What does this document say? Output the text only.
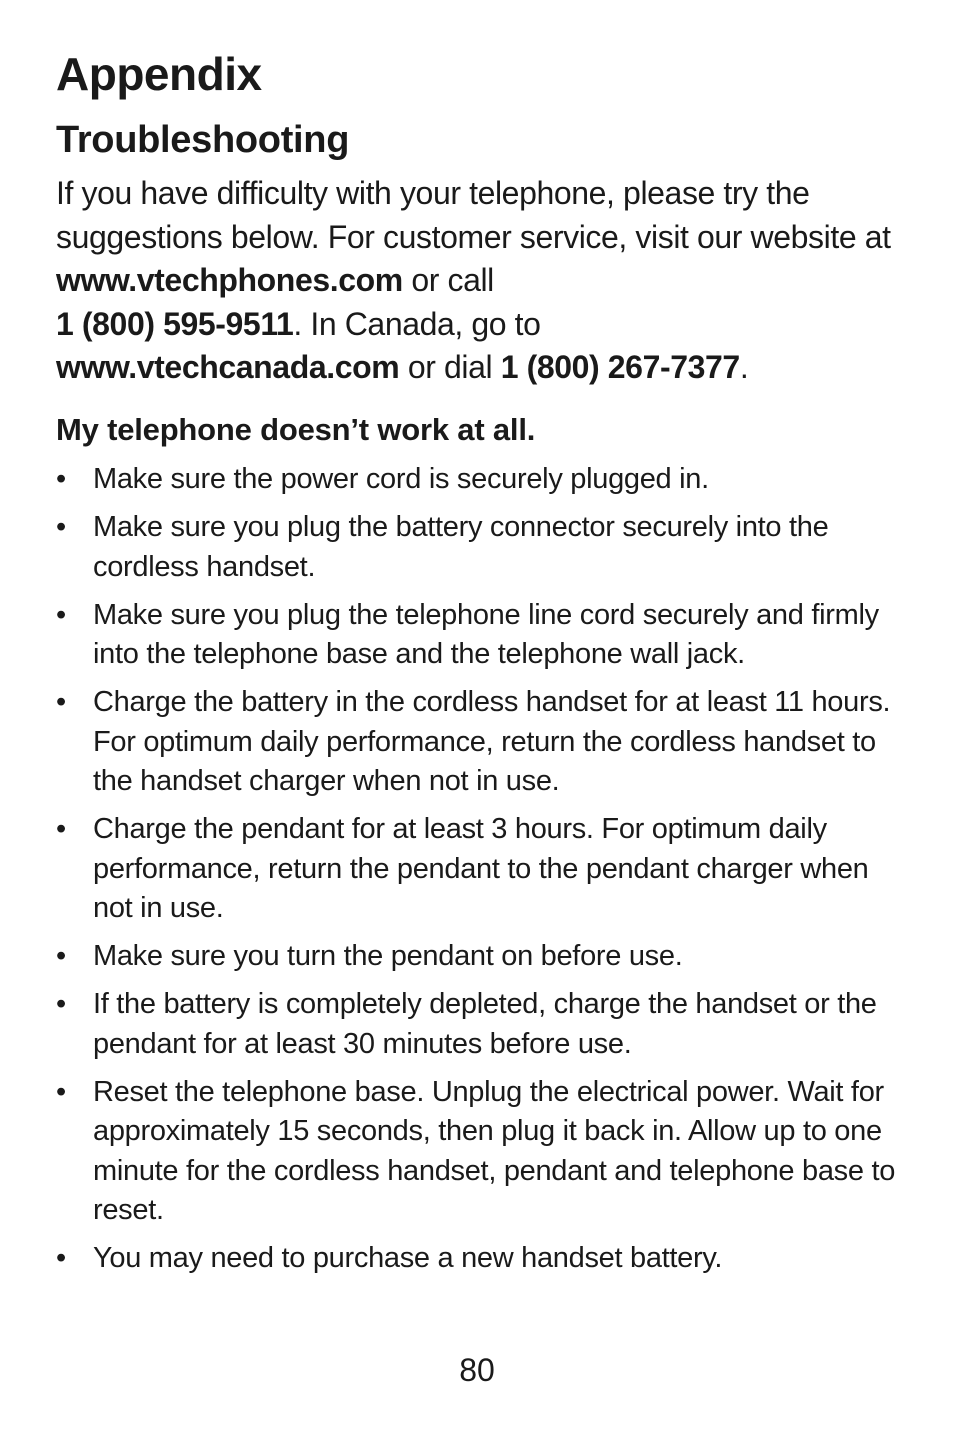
Appendix
Troubleshooting

If you have difficulty with your telephone, please try the suggestions below. For customer service, visit our website at www.vtechphones.com or call
1 (800) 595-9511. In Canada, go to
www.vtechcanada.com or dial 1 (800) 267-7377.

My telephone doesn’t work at all.
• Make sure the power cord is securely plugged in.
• Make sure you plug the battery connector securely into the cordless handset.
• Make sure you plug the telephone line cord securely and firmly into the telephone base and the telephone wall jack.
• Charge the battery in the cordless handset for at least 11 hours. For optimum daily performance, return the cordless handset to the handset charger when not in use.
• Charge the pendant for at least 3 hours. For optimum daily performance, return the pendant to the pendant charger when not in use.
• Make sure you turn the pendant on before use.
• If the battery is completely depleted, charge the handset or the pendant for at least 30 minutes before use.
• Reset the telephone base. Unplug the electrical power. Wait for approximately 15 seconds, then plug it back in. Allow up to one minute for the cordless handset, pendant and telephone base to reset.
• You may need to purchase a new handset battery.
80
